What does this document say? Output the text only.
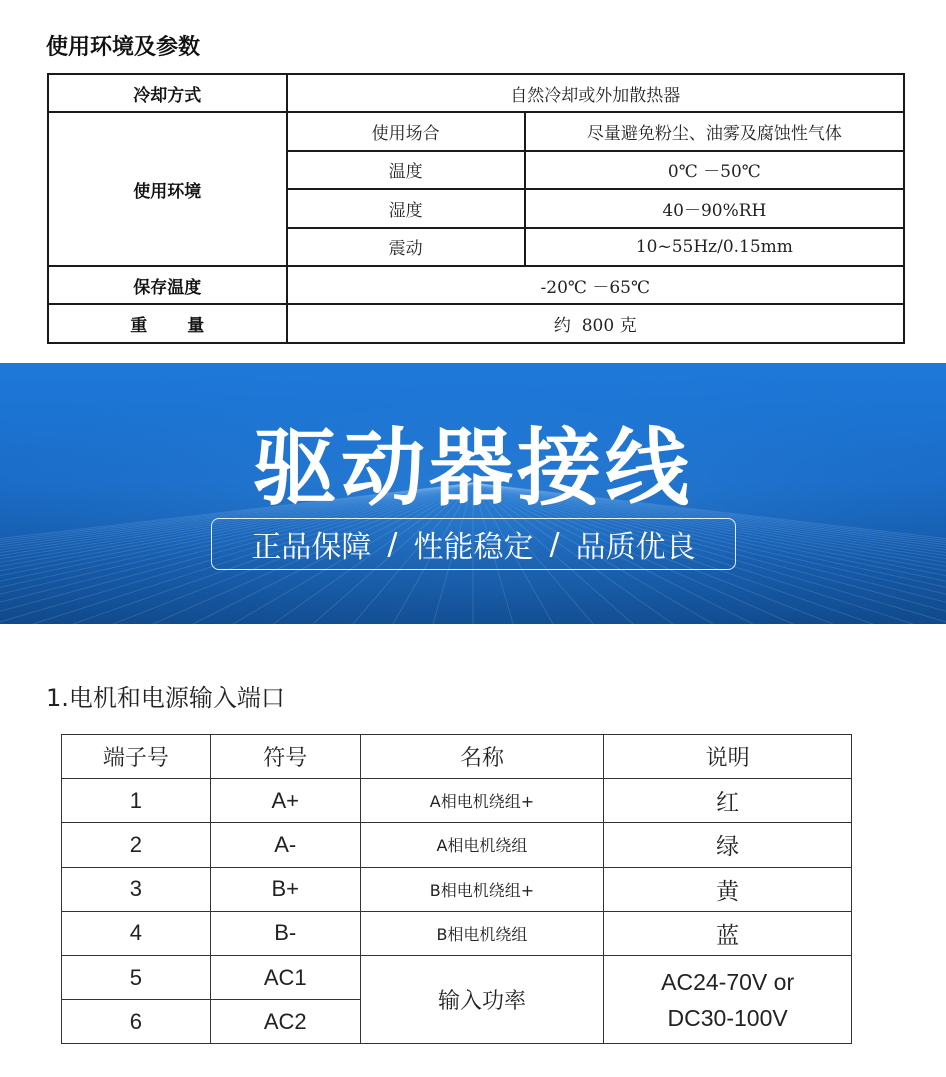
使用环境及参数
冷却方式	自然冷却或外加散热器	
使用环境	使用场合	尽量避免粉尘、油雾及腐蚀性气体
	温度	0℃ －50℃
	湿度	40－90%RH
	震动	10~55Hz/0.15mm
保存温度	-20℃ －65℃	
重量	约  800 克	
驱动器接线
正品保障 / 性能稳定 / 品质优良
1.电机和电源输入端口
端子号	符号	名称	说明
1	A+	A相电机绕组+	红
2	A-	A相电机绕组	绿
3	B+	B相电机绕组+	黄
4	B-	B相电机绕组	蓝
5	AC1	输入功率	AC24-70V or
DC30-100V

6	AC2		
